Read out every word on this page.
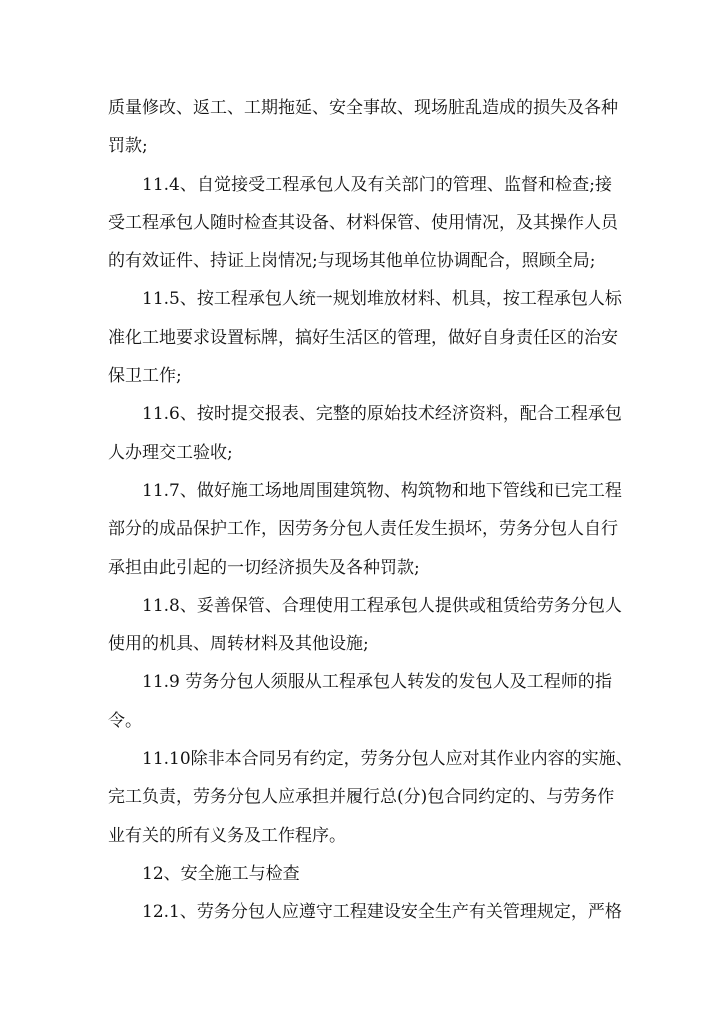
质量修改、返工、工期拖延、安全事故、现场脏乱造成的损失及各种
罚款;
11.4、自觉接受工程承包人及有关部门的管理、监督和检查;接
受工程承包人随时检查其设备、材料保管、使用情况，及其操作人员
的有效证件、持证上岗情况;与现场其他单位协调配合，照顾全局;
11.5、按工程承包人统一规划堆放材料、机具，按工程承包人标
准化工地要求设置标牌，搞好生活区的管理，做好自身责任区的治安
保卫工作;
11.6、按时提交报表、完整的原始技术经济资料，配合工程承包
人办理交工验收;
11.7、做好施工场地周围建筑物、构筑物和地下管线和已完工程
部分的成品保护工作，因劳务分包人责任发生损坏，劳务分包人自行
承担由此引起的一切经济损失及各种罚款;
11.8、妥善保管、合理使用工程承包人提供或租赁给劳务分包人
使用的机具、周转材料及其他设施;
11.9 劳务分包人须服从工程承包人转发的发包人及工程师的指
令。
11.10除非本合同另有约定，劳务分包人应对其作业内容的实施、
完工负责，劳务分包人应承担并履行总(分)包合同约定的、与劳务作
业有关的所有义务及工作程序。
12、安全施工与检查
12.1、劳务分包人应遵守工程建设安全生产有关管理规定，严格
